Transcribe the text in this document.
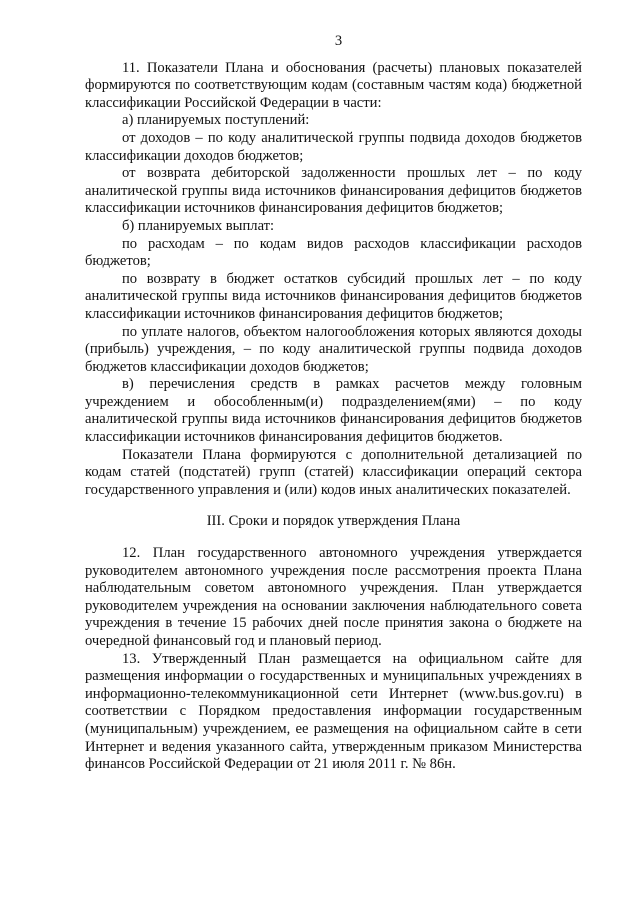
3

11. Показатели Плана и обоснования (расчеты) плановых показателей формируются по соответствующим кодам (составным частям кода) бюджетной классификации Российской Федерации в части:

а) планируемых поступлений:

от доходов – по коду аналитической группы подвида доходов бюджетов классификации доходов бюджетов;

от возврата дебиторской задолженности прошлых лет – по коду аналитической группы вида источников финансирования дефицитов бюджетов классификации источников финансирования дефицитов бюджетов;

б) планируемых выплат:

по расходам – по кодам видов расходов классификации расходов бюджетов;

по возврату в бюджет остатков субсидий прошлых лет – по коду аналитической группы вида источников финансирования дефицитов бюджетов классификации источников финансирования дефицитов бюджетов;

по уплате налогов, объектом налогообложения которых являются доходы (прибыль) учреждения, – по коду аналитической группы подвида доходов бюджетов классификации доходов бюджетов;

в) перечисления средств в рамках расчетов между головным учреждением и обособленным(и) подразделением(ями) – по коду аналитической группы вида источников финансирования дефицитов бюджетов классификации источников финансирования дефицитов бюджетов.

Показатели Плана формируются с дополнительной детализацией по кодам статей (подстатей) групп (статей) классификации операций сектора государственного управления и (или) кодов иных аналитических показателей.

III. Сроки и порядок утверждения Плана

12. План государственного автономного учреждения утверждается руководителем автономного учреждения после рассмотрения проекта Плана наблюдательным советом автономного учреждения. План утверждается руководителем учреждения на основании заключения наблюдательного совета учреждения в течение 15 рабочих дней после принятия закона о бюджете на очередной финансовый год и плановый период.

13. Утвержденный План размещается на официальном сайте для размещения информации о государственных и муниципальных учреждениях в информационно-телекоммуникационной сети Интернет (www.bus.gov.ru) в соответствии с Порядком предоставления информации государственным (муниципальным) учреждением, ее размещения на официальном сайте в сети Интернет и ведения указанного сайта, утвержденным приказом Министерства финансов Российской Федерации от 21 июля 2011 г. № 86н.
